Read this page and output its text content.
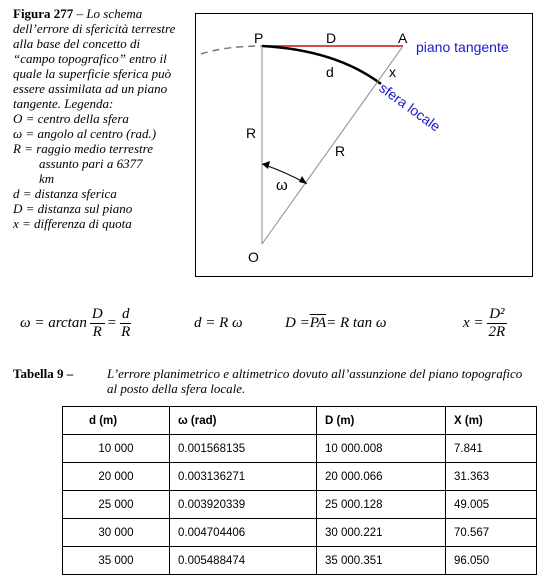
Figura 277 – Lo schema dell’errore di sfericità terrestre alla base del concetto di “campo topografico” entro il quale la superficie sferica può essere assimilata ad un piano tangente. Legenda:
O = centro della sfera
ω = angolo al centro (rad.)
R = raggio medio terrestre
assunto pari a 6377
km
d = distanza sferica
D = distanza sul piano
x = differenza di quota
P	D	A
piano tangente
d	x
sfera locale
R
R
ω
O
$\omega = \arctan \frac{D}{R} = \frac{d}{R}$	d = R ω	$D = \overline{PA} = R$ tan ω	$x = \frac{\text{D²}}{2R}$
Tabella 9 –	L’errore planimetrico e altimetrico dovuto all’assunzione del piano topografico al posto della sfera locale.
d (m)	ω (rad)	D (m)	X (m)
10 000	0.001568135	10 000.008	7.841
20 000	0.003136271	20 000.066	31.363
25 000	0.003920339	25 000.128	49.005
30 000	0.004704406	30 000.221	70.567
35 000	0.005488474	35 000.351	96.050
